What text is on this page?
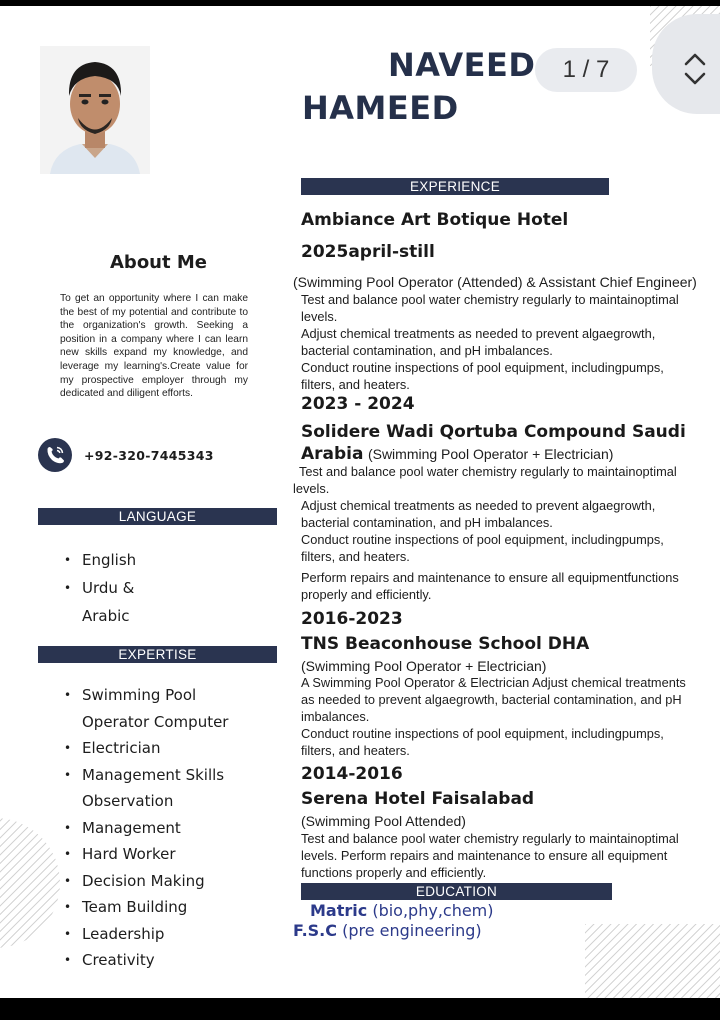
NAVEED
HAMEED
1 / 7
About Me
To get an opportunity where I can make the best of my potential and contribute to the organization's growth. Seeking a position in a company where I can learn new skills expand my knowledge, and leverage my learning's.Create value for my prospective employer through my dedicated and diligent efforts.
+92-320-7445343
LANGUAGE
• English
• Urdu &
Arabic
EXPERTISE
• Swimming Pool
Operator Computer
• Electrician
• Management Skills
Observation
• Management
• Hard Worker
• Decision Making
• Team Building
• Leadership
• Creativity
EXPERIENCE
Ambiance Art Botique Hotel
2025april-still
(Swimming Pool Operator (Attended) & Assistant Chief Engineer)
Test and balance pool water chemistry regularly to maintainoptimal
levels.
Adjust chemical treatments as needed to prevent algaegrowth,
bacterial contamination, and pH imbalances.
Conduct routine inspections of pool equipment, includingpumps,
filters, and heaters.
2023 - 2024
Solidere Wadi Qortuba Compound Saudi
Arabia (Swimming Pool Operator + Electrician)
Test and balance pool water chemistry regularly to maintainoptimal
levels.
Adjust chemical treatments as needed to prevent algaegrowth,
bacterial contamination, and pH imbalances.
Conduct routine inspections of pool equipment, includingpumps,
filters, and heaters.
Perform repairs and maintenance to ensure all equipmentfunctions
properly and efficiently.
2016-2023
TNS Beaconhouse School DHA
(Swimming Pool Operator + Electrician)
A Swimming Pool Operator & Electrician Adjust chemical treatments
as needed to prevent algaegrowth, bacterial contamination, and pH
imbalances.
Conduct routine inspections of pool equipment, includingpumps,
filters, and heaters.
2014-2016
Serena Hotel Faisalabad
(Swimming Pool Attended)
Test and balance pool water chemistry regularly to maintainoptimal
levels. Perform repairs and maintenance to ensure all equipment
functions properly and efficiently.
EDUCATION
Matric (bio,phy,chem)
F.S.C (pre engineering)
